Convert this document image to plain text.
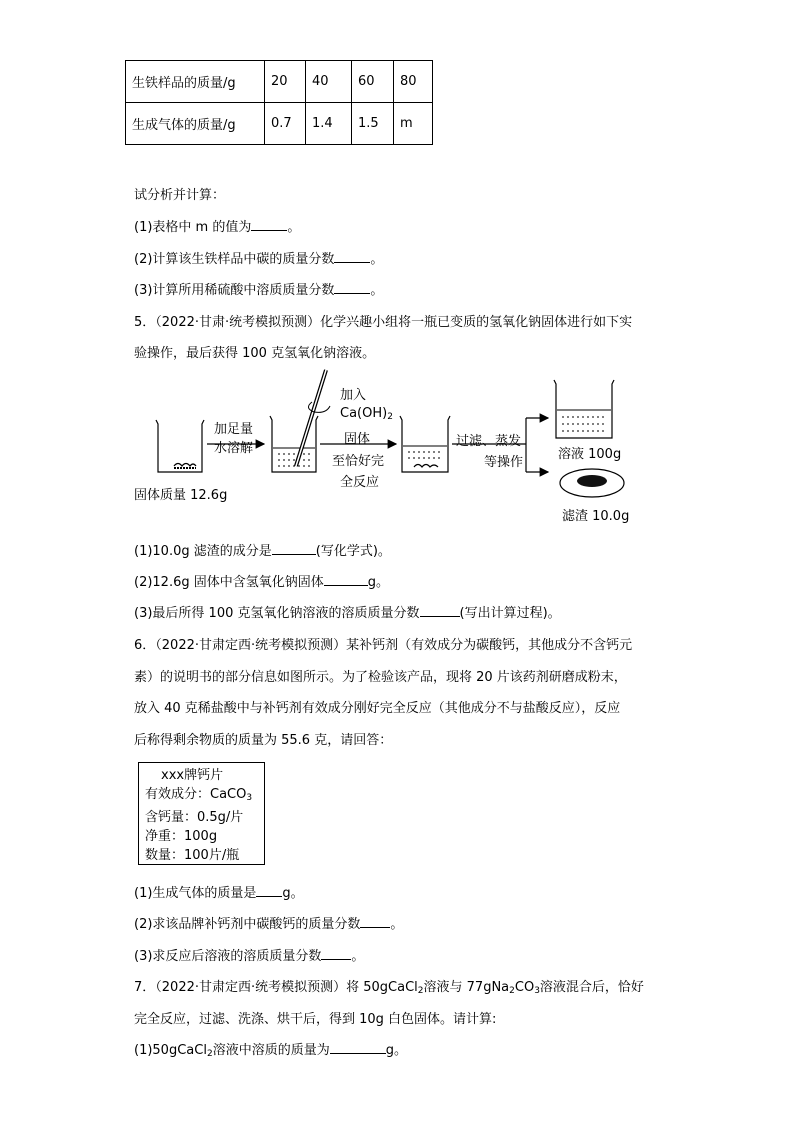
生铁样品的质量/g	20	40	60	80
生成气体的质量/g	0.7	1.4	1.5	m
试分析并计算：
(1)表格中 m 的值为	。
(2)计算该生铁样品中碳的质量分数	。
(3)计算所用稀硫酸中溶质质量分数	。
5．（2022·甘肃·统考模拟预测）化学兴趣小组将一瓶已变质的氢氧化钠固体进行如下实
验操作，最后获得 100 克氢氧化钠溶液。
加足量
水溶解
加入
$Ca(OH)_2$
固体
至恰好完
全反应
过滤、蒸发
等操作
固体质量 12.6g
溶液 100g
滤渣 10.0g
(1)10.0g 滤渣的成分是	(写化学式)。
(2)12.6g 固体中含氢氧化钠固体	g。
(3)最后所得 100 克氢氧化钠溶液的溶质质量分数	(写出计算过程)。
6．（2022·甘肃定西·统考模拟预测）某补钙剂（有效成分为碳酸钙，其他成分不含钙元
素）的说明书的部分信息如图所示。为了检验该产品，现将 20 片该药剂研磨成粉末，
放入 40 克稀盐酸中与补钙剂有效成分刚好完全反应（其他成分不与盐酸反应），反应
后称得剩余物质的质量为 55.6 克，请回答：
xxx牌钙片
有效成分：CaCO$_3$
含钙量：0.5g/片
净重：100g
数量：100片/瓶
(1)生成气体的质量是 g。
(2)求该品牌补钙剂中碳酸钙的质量分数 。
(3)求反应后溶液的溶质质量分数 。
7．（2022·甘肃定西·统考模拟预测）将 50gCaCl$_2$溶液与 $77gNa_2CO_3$溶液混合后，恰好
完全反应，过滤、洗涤、烘干后，得到 10g 白色固体。请计算:
(1)50gCaCl$_2$溶液中溶质的质量为	g。
